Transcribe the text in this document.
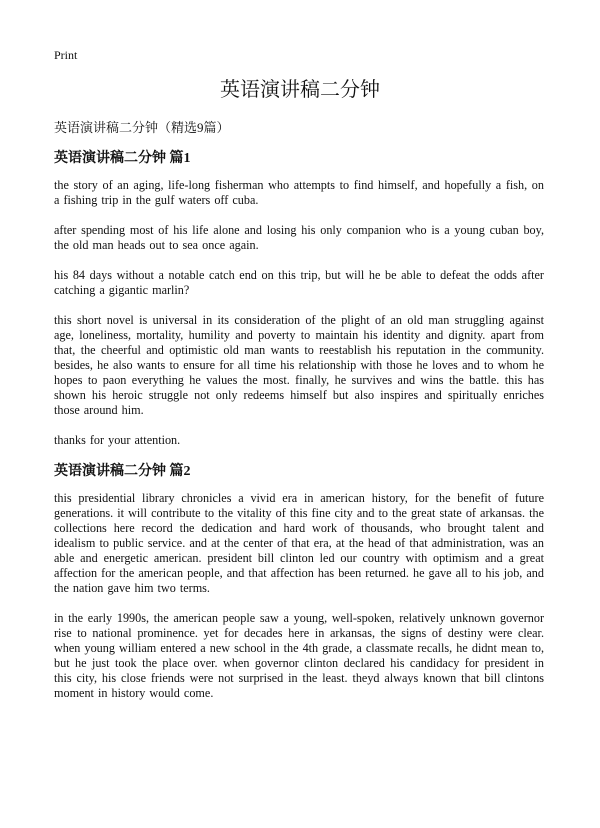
Print
英语演讲稿二分钟
英语演讲稿二分钟（精选9篇）
英语演讲稿二分钟 篇1

the story of an aging, life-long fisherman who attempts to find himself, and hopefully a fish, on a fishing trip in the gulf waters off cuba.

after spending most of his life alone and losing his only companion who is a young cuban boy, the old man heads out to sea once again.

his 84 days without a notable catch end on this trip, but will he be able to defeat the odds after catching a gigantic marlin?

this short novel is universal in its consideration of the plight of an old man struggling against age, loneliness, mortality, humility and poverty to maintain his identity and dignity. apart from that, the cheerful and optimistic old man wants to reestablish his reputation in the community. besides, he also wants to ensure for all time his relationship with those he loves and to whom he hopes to paon everything he values the most. finally, he survives and wins the battle. this has shown his heroic struggle not only redeems himself but also inspires and spiritually enriches those around him.

thanks for your attention.

英语演讲稿二分钟 篇2

this presidential library chronicles a vivid era in american history, for the benefit of future generations. it will contribute to the vitality of this fine city and to the great state of arkansas. the collections here record the dedication and hard work of thousands, who brought talent and idealism to public service. and at the center of that era, at the head of that administration, was an able and energetic american. president bill clinton led our country with optimism and a great affection for the american people, and that affection has been returned. he gave all to his job, and the nation gave him two terms.

in the early 1990s, the american people saw a young, well-spoken, relatively unknown governor rise to national prominence. yet for decades here in arkansas, the signs of destiny were clear. when young william entered a new school in the 4th grade, a classmate recalls, he didnt mean to, but he just took the place over. when governor clinton declared his candidacy for president in this city, his close friends were not surprised in the least. theyd always known that bill clintons moment in history would come.
